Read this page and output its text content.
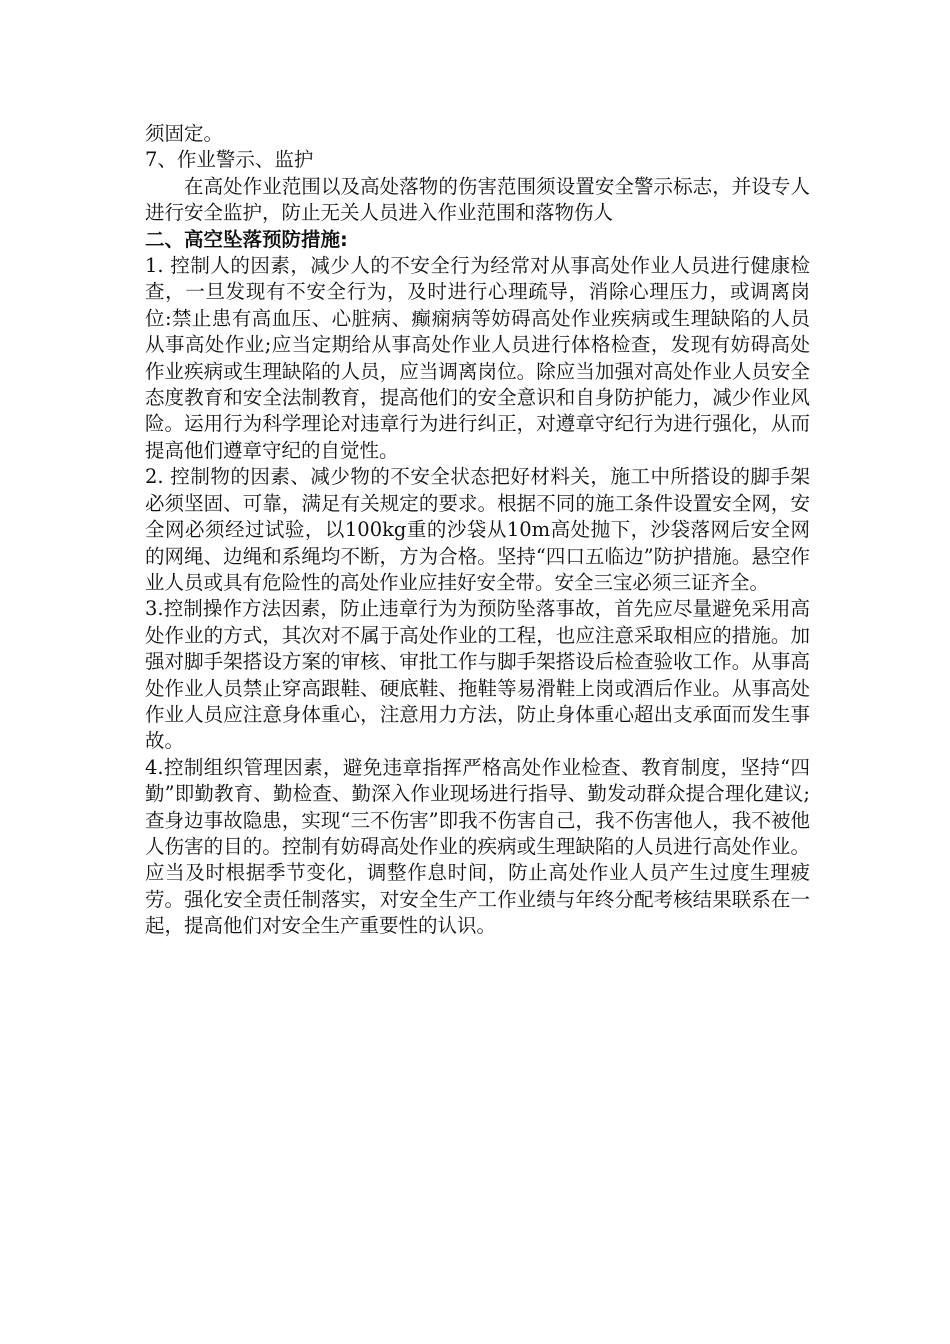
须固定。

7、作业警示、监护

在高处作业范围以及高处落物的伤害范围须设置安全警示标志，并设专人进行安全监护，防止无关人员进入作业范围和落物伤人

二、高空坠落预防措施:

1. 控制人的因素，减少人的不安全行为经常对从事高处作业人员进行健康检查，一旦发现有不安全行为，及时进行心理疏导，消除心理压力，或调离岗位:禁止患有高血压、心脏病、癫痫病等妨碍高处作业疾病或生理缺陷的人员从事高处作业;应当定期给从事高处作业人员进行体格检查，发现有妨碍高处作业疾病或生理缺陷的人员，应当调离岗位。除应当加强对高处作业人员安全态度教育和安全法制教育，提高他们的安全意识和自身防护能力，减少作业风险。运用行为科学理论对违章行为进行纠正，对遵章守纪行为进行强化，从而提高他们遵章守纪的自觉性。

2. 控制物的因素、减少物的不安全状态把好材料关，施工中所搭设的脚手架必须坚固、可靠，满足有关规定的要求。根据不同的施工条件设置安全网，安全网必须经过试验，以100kg重的沙袋从10m高处抛下，沙袋落网后安全网的网绳、边绳和系绳均不断，方为合格。坚持“四口五临边”防护措施。悬空作业人员或具有危险性的高处作业应挂好安全带。安全三宝必须三证齐全。

3.控制操作方法因素，防止违章行为为预防坠落事故，首先应尽量避免采用高处作业的方式，其次对不属于高处作业的工程，也应注意采取相应的措施。加强对脚手架搭设方案的审核、审批工作与脚手架搭设后检查验收工作。从事高处作业人员禁止穿高跟鞋、硬底鞋、拖鞋等易滑鞋上岗或酒后作业。从事高处作业人员应注意身体重心，注意用力方法，防止身体重心超出支承面而发生事故。

4.控制组织管理因素，避免违章指挥严格高处作业检查、教育制度，坚持“四勤”即勤教育、勤检查、勤深入作业现场进行指导、勤发动群众提合理化建议;查身边事故隐患，实现“三不伤害”即我不伤害自己，我不伤害他人，我不被他人伤害的目的。控制有妨碍高处作业的疾病或生理缺陷的人员进行高处作业。应当及时根据季节变化，调整作息时间，防止高处作业人员产生过度生理疲劳。强化安全责任制落实，对安全生产工作业绩与年终分配考核结果联系在一起，提高他们对安全生产重要性的认识。
